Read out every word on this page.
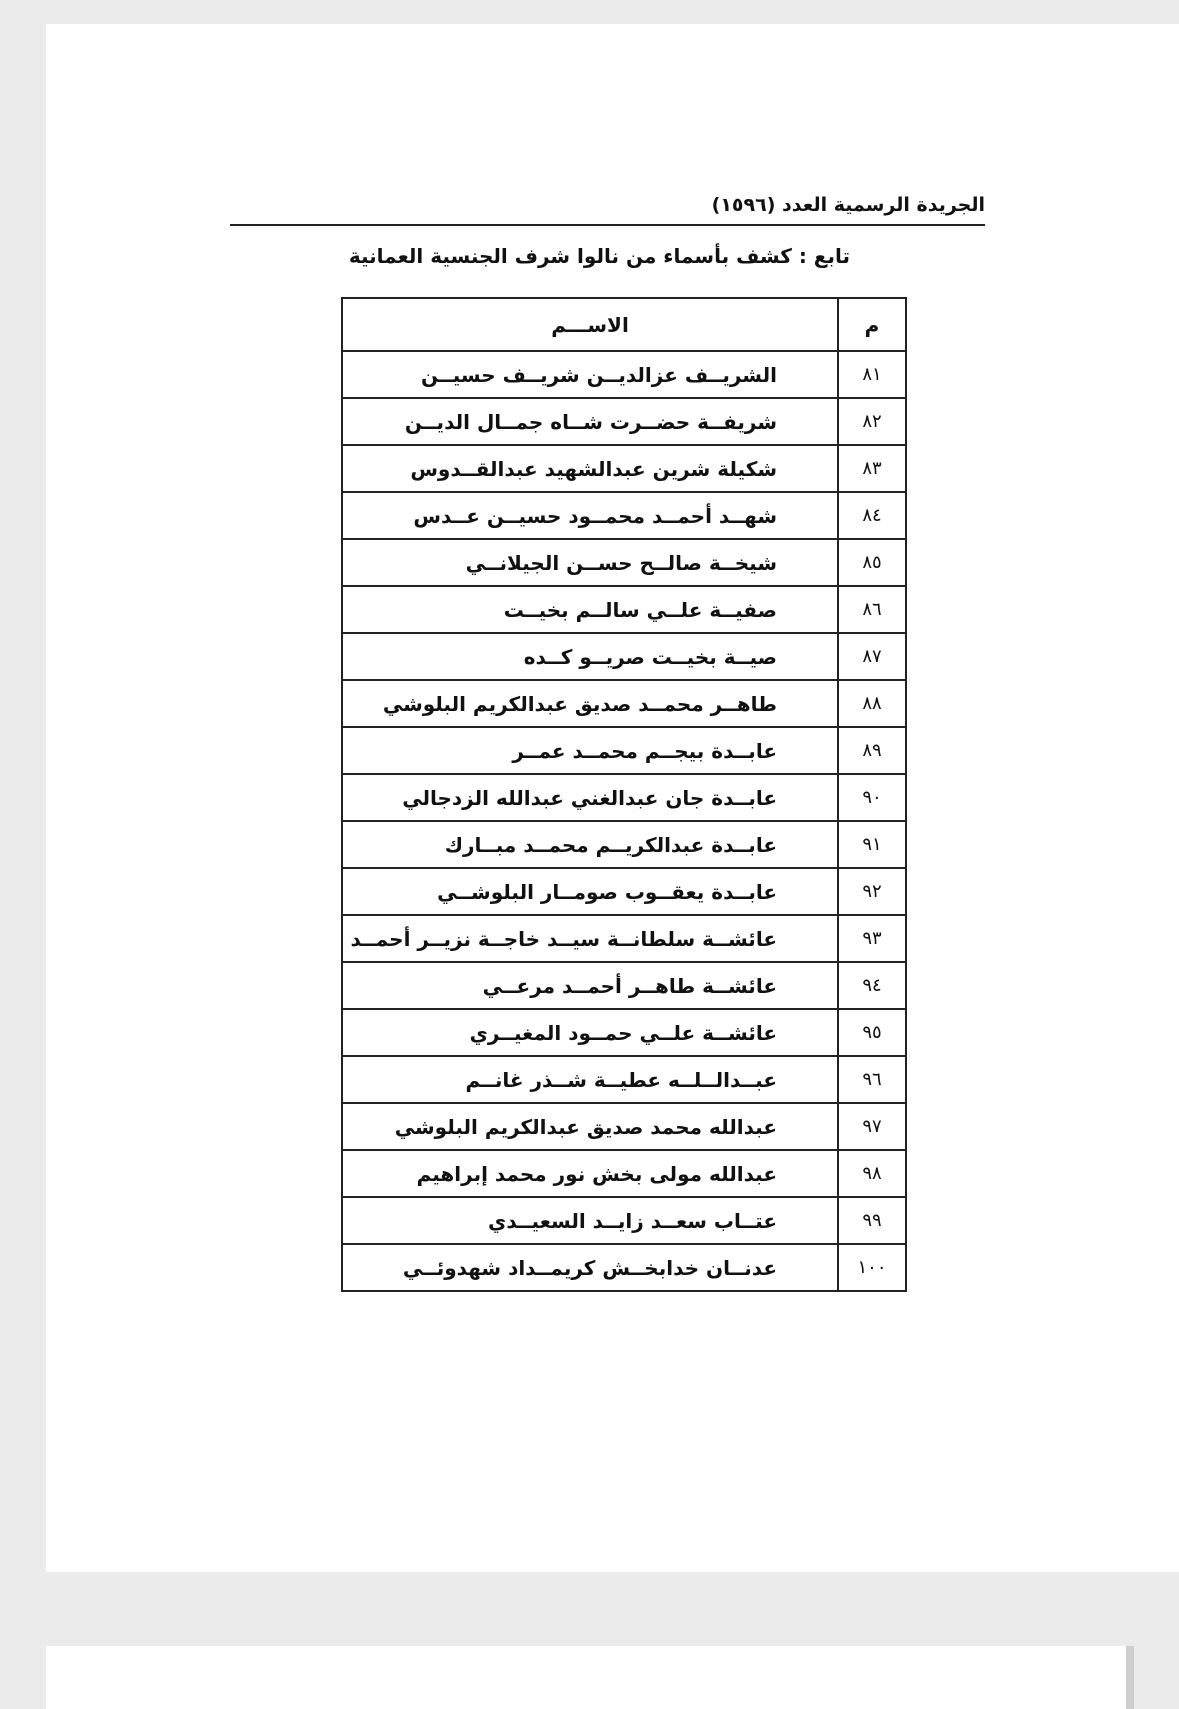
الجريدة الرسمية العدد (١٥٩٦)
تابع : كشف بأسماء من نالوا شرف الجنسية العمانية
م	الاســـم
٨١	الشريــف عزالديــن شريــف حسيــن
٨٢	شريفــة حضــرت شــاه جمــال الديــن
٨٣	شكيلة شرين عبدالشهيد عبدالقــدوس
٨٤	شهــد أحمــد محمــود حسيــن عــدس
٨٥	شيخــة صالــح حســن الجيلانــي
٨٦	صفيــة علــي سالــم بخيــت
٨٧	صيــة بخيــت صريــو كــده
٨٨	طاهــر محمــد صديق عبدالكريم البلوشي
٨٩	عابــدة بيجــم محمــد عمــر
٩٠	عابــدة جان عبدالغني عبدالله الزدجالي
٩١	عابــدة عبدالكريــم محمــد مبــارك
٩٢	عابــدة يعقــوب صومــار البلوشــي
٩٣	عائشــة سلطانــة سيــد خاجــة نزيــر أحمــد
٩٤	عائشــة طاهــر أحمــد مرعــي
٩٥	عائشــة علــي حمــود المغيــري
٩٦	عبــدالــلــه عطيــة شــذر غانــم
٩٧	عبدالله محمد صديق عبدالكريم البلوشي
٩٨	عبدالله مولى بخش نور محمد إبراهيم
٩٩	عتــاب سعــد زايــد السعيــدي
١٠٠	عدنــان خدابخــش كريمــداد شهدوئــي
